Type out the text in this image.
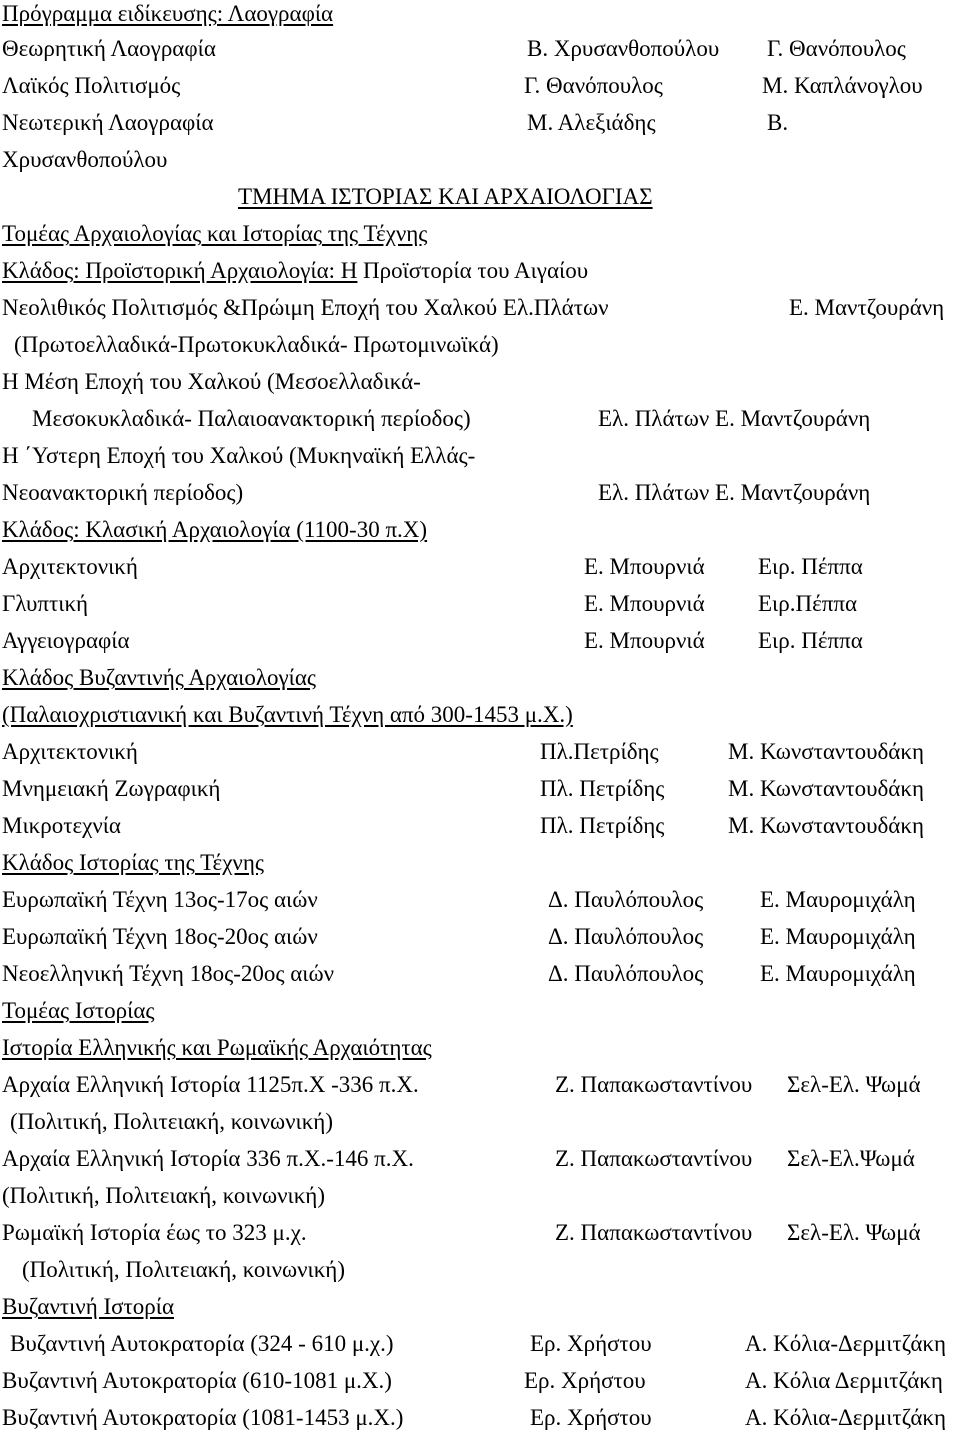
Πρόγραμμα ειδίκευσης: Λαογραφία
Θεωρητική Λαογραφία	Β. Χρυσανθοπούλου Γ. Θανόπουλος
Λαϊκός Πολιτισμός	Γ. Θανόπουλος	Μ. Καπλάνογλου
Νεωτερική Λαογραφία	Μ. Αλεξιάδης	Β.
Χρυσανθοπούλου
ΤΜΗΜΑ ΙΣΤΟΡΙΑΣ ΚΑΙ ΑΡΧΑΙΟΛΟΓΙΑΣ
Τομέας Αρχαιολογίας και Ιστορίας της Τέχνης
Κλάδος: Προϊστορική Αρχαιολογία: Η Προϊστορία του Αιγαίου
Νεολιθικός Πολιτισμός &Πρώιμη Εποχή του Χαλκού Ελ.Πλάτων	Ε. Μαντζουράνη
(Πρωτοελλαδικά-Πρωτοκυκλαδικά- Πρωτομινωϊκά)
Η Μέση Εποχή του Χαλκού (Μεσοελλαδικά-
Μεσοκυκλαδικά- Παλαιοανακτορική περίοδος)	Ελ. Πλάτων Ε. Μαντζουράνη
Η ΄Υστερη Εποχή του Χαλκού (Μυκηναϊκή Ελλάς-
Νεοανακτορική περίοδος)	Ελ. Πλάτων Ε. Μαντζουράνη
Κλάδος: Κλασική Αρχαιολογία (1100-30 π.Χ)
Αρχιτεκτονική	Ε. Μπουρνιά Ειρ. Πέππα
Γλυπτική	Ε. Μπουρνιά Ειρ.Πέππα
Αγγειογραφία	Ε. Μπουρνιά Ειρ. Πέππα
Κλάδος Βυζαντινής Αρχαιολογίας
(Παλαιοχριστιανική και Βυζαντινή Τέχνη από 300-1453 μ.Χ.)
Αρχιτεκτονική	Πλ.Πετρίδης	Μ. Κωνσταντουδάκη
Μνημειακή Ζωγραφική	Πλ. Πετρίδης	Μ. Κωνσταντουδάκη
Μικροτεχνία	Πλ. Πετρίδης	Μ. Κωνσταντουδάκη
Κλάδος Ιστορίας της Τέχνης
Ευρωπαϊκή Τέχνη 13ος-17ος αιών	Δ. Παυλόπουλος Ε. Μαυρομιχάλη
Ευρωπαϊκή Τέχνη 18ος-20ος αιών	Δ. Παυλόπουλος Ε. Μαυρομιχάλη
Νεοελληνική Τέχνη 18ος-20ος αιών	Δ. Παυλόπουλος Ε. Μαυρομιχάλη
Τομέας Ιστορίας
Ιστορία Ελληνικής και Ρωμαϊκής Αρχαιότητας
Αρχαία Ελληνική Ιστορία 1125π.Χ -336 π.Χ.	Ζ. Παπακωσταντίνου Σελ-Ελ. Ψωμά
(Πολιτική, Πολιτειακή, κοινωνική)
Αρχαία Ελληνική Ιστορία 336 π.Χ.-146 π.Χ.	Ζ. Παπακωσταντίνου Σελ-Ελ.Ψωμά
(Πολιτική, Πολιτειακή, κοινωνική)
Ρωμαϊκή Ιστορία έως το 323 μ.χ.	Ζ. Παπακωσταντίνου Σελ-Ελ. Ψωμά
(Πολιτική, Πολιτειακή, κοινωνική)
Βυζαντινή Ιστορία
Βυζαντινή Αυτοκρατορία (324 - 610 μ.χ.)	Ερ. Χρήστου	Α. Κόλια-Δερμιτζάκη
Βυζαντινή Αυτοκρατορία (610-1081 μ.Χ.)	Ερ. Χρήστου	Α. Κόλια Δερμιτζάκη
Βυζαντινή Αυτοκρατορία (1081-1453 μ.Χ.)	Ερ. Χρήστου	Α. Κόλια-Δερμιτζάκη
